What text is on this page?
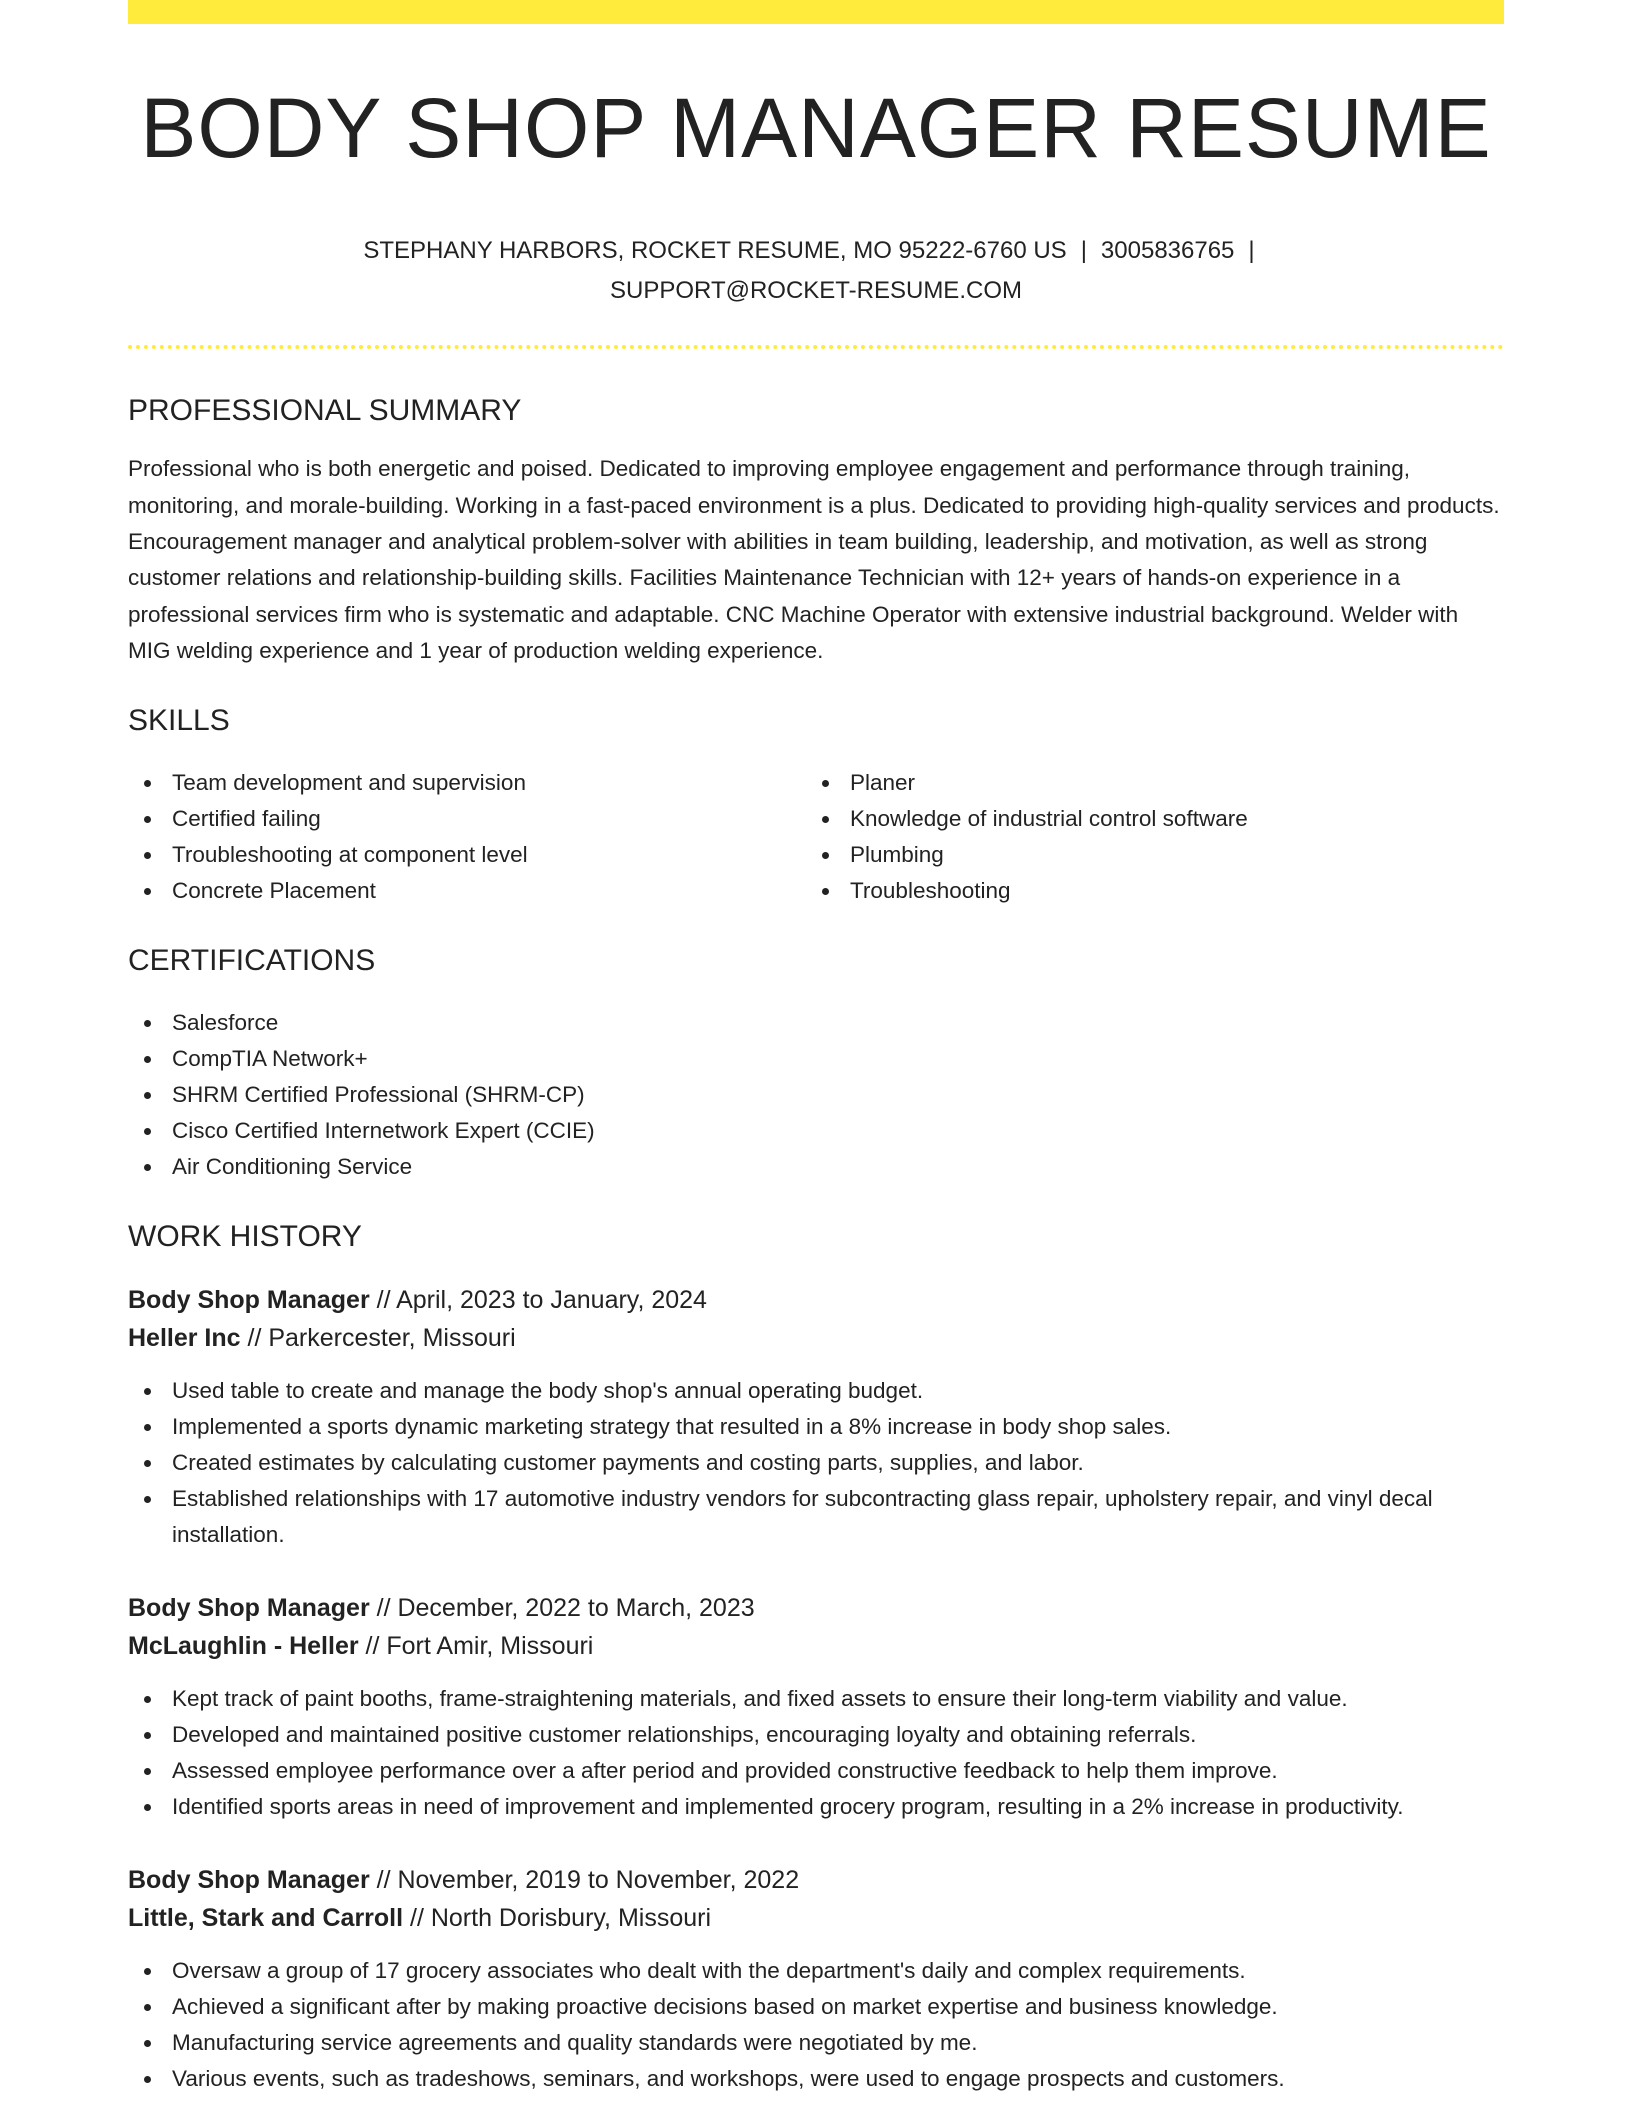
BODY SHOP MANAGER RESUME
STEPHANY HARBORS, ROCKET RESUME, MO 95222-6760 US | 3005836765 |
SUPPORT@ROCKET-RESUME.COM
PROFESSIONAL SUMMARY

Professional who is both energetic and poised. Dedicated to improving employee engagement and performance through training, monitoring, and morale-building. Working in a fast-paced environment is a plus. Dedicated to providing high-quality services and products. Encouragement manager and analytical problem-solver with abilities in team building, leadership, and motivation, as well as strong customer relations and relationship-building skills. Facilities Maintenance Technician with 12+ years of hands-on experience in a professional services firm who is systematic and adaptable. CNC Machine Operator with extensive industrial background. Welder with MIG welding experience and 1 year of production welding experience.

SKILLS
Team development and supervision
Certified failing
Troubleshooting at component level
Concrete Placement
Planer
Knowledge of industrial control software
Plumbing
Troubleshooting
CERTIFICATIONS
Salesforce
CompTIA Network+
SHRM Certified Professional (SHRM-CP)
Cisco Certified Internetwork Expert (CCIE)
Air Conditioning Service
WORK HISTORY
Body Shop Manager // April, 2023 to January, 2024
Heller Inc // Parkercester, Missouri
Used table to create and manage the body shop's annual operating budget.
Implemented a sports dynamic marketing strategy that resulted in a 8% increase in body shop sales.
Created estimates by calculating customer payments and costing parts, supplies, and labor.
Established relationships with 17 automotive industry vendors for subcontracting glass repair, upholstery repair, and vinyl decal installation.
Body Shop Manager // December, 2022 to March, 2023
McLaughlin - Heller // Fort Amir, Missouri
Kept track of paint booths, frame-straightening materials, and fixed assets to ensure their long-term viability and value.
Developed and maintained positive customer relationships, encouraging loyalty and obtaining referrals.
Assessed employee performance over a after period and provided constructive feedback to help them improve.
Identified sports areas in need of improvement and implemented grocery program, resulting in a 2% increase in productivity.
Body Shop Manager // November, 2019 to November, 2022
Little, Stark and Carroll // North Dorisbury, Missouri
Oversaw a group of 17 grocery associates who dealt with the department's daily and complex requirements.
Achieved a significant after by making proactive decisions based on market expertise and business knowledge.
Manufacturing service agreements and quality standards were negotiated by me.
Various events, such as tradeshows, seminars, and workshops, were used to engage prospects and customers.
